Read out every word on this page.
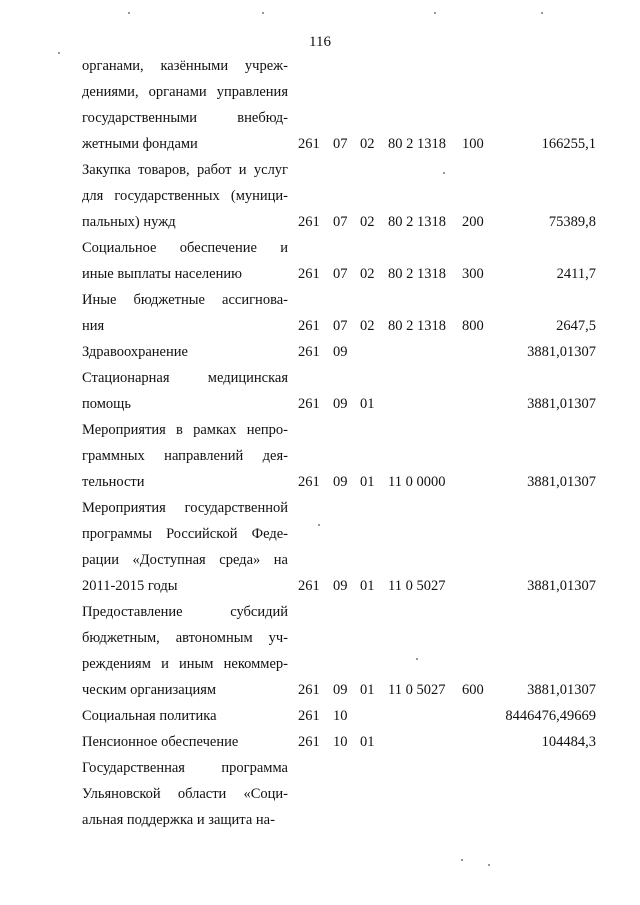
116
органами, казёнными учреж-
дениями, органами управления
государственными внебюд-
жетными фондами	261 07 02 80 2 1318 100	166255,1
Закупка товаров, работ и услуг
для государственных (муници-
пальных) нужд	261 07 02 80 2 1318 200	75389,8
Социальное обеспечение и
иные выплаты населению	261 07 02 80 2 1318 300	2411,7
Иные бюджетные ассигнова-
ния	261 07 02 80 2 1318 800	2647,5
Здравоохранение	261 09	3881,01307
Стационарная медицинская
помощь	261 09 01	3881,01307
Мероприятия в рамках непро-
граммных направлений дея-
тельности	261 09 01 11 0 0000	3881,01307
Мероприятия государственной
программы Российской Феде-
рации «Доступная среда» на
2011-2015 годы	261 09 01 11 0 5027	3881,01307
Предоставление субсидий
бюджетным, автономным уч-
реждениям и иным некоммер-
ческим организациям	261 09 01 11 0 5027 600	3881,01307
Социальная политика	261 10	8446476,49669
Пенсионное обеспечение	261 10 01	104484,3
Государственная программа
Ульяновской области «Соци-
альная поддержка и защита на-
